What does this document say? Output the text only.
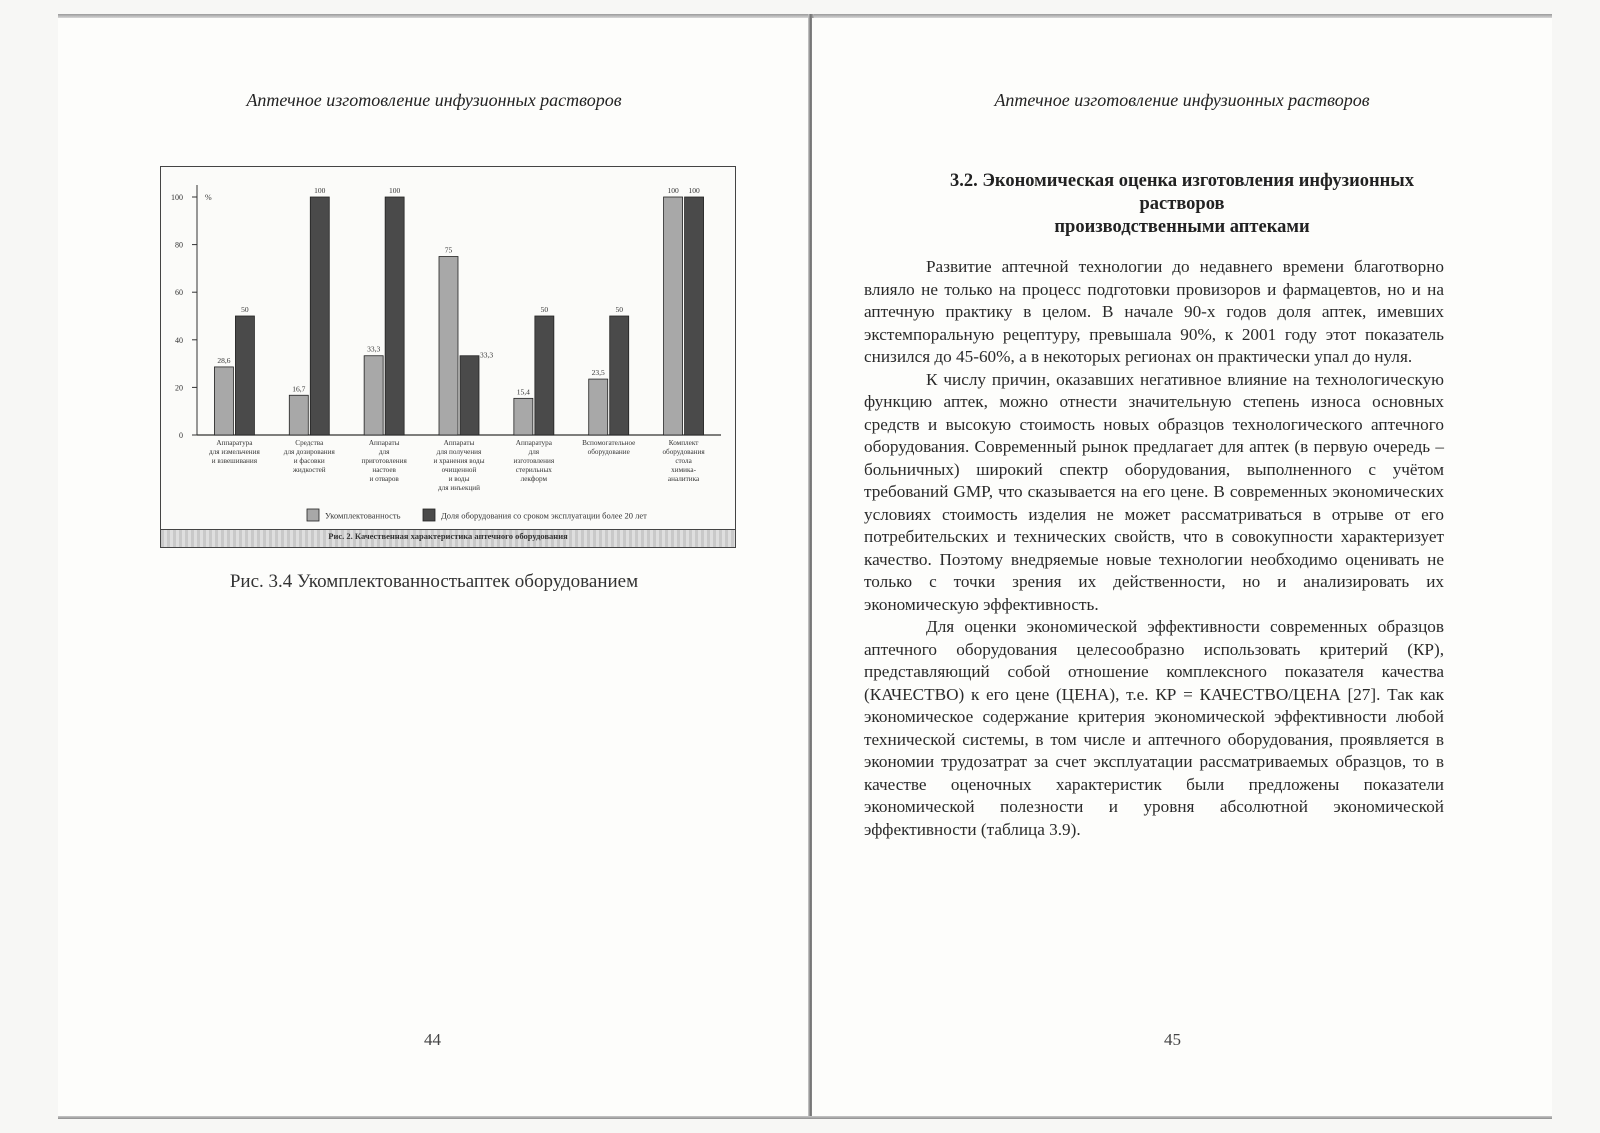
Аптечное изготовление инфузионных растворов
0
20
40
60
80
100	%
28,6
50
16,7
100
33,3
100
75
33,3
15,4
50
23,5
50
100 100
Аппаратура
для измельчения
и взвешивания
Средства
для дозирования
и фасовки
жидкостей
Аппараты
для
приготовления
настоев
и отваров
Аппараты
для получения
и хранения воды
очищенной
и воды
для инъекций
Аппаратура
для
изготовления
стерильных
лекформ
Вспомогательное
оборудование
Комплект
оборудования
стола
химика-
аналитика
Укомплектованность	Доля оборудования со сроком эксплуатации более 20 лет
Рис. 2. Качественная характеристика аптечного оборудования
Рис. 3.4 Укомплектованностьаптек оборудованием
44
Аптечное изготовление инфузионных растворов
3.2. Экономическая оценка изготовления инфузионных
растворов
производственными аптеками

Развитие аптечной технологии до недавнего времени благотворно влияло не только на процесс подготовки провизоров и фармацевтов, но и на аптечную практику в целом. В начале 90-х годов доля аптек, имевших экстемпоральную рецептуру, превышала 90%, к 2001 году этот показатель снизился до 45-60%, а в некоторых регионах он практически упал до нуля.

К числу причин, оказавших негативное влияние на технологическую функцию аптек, можно отнести значительную степень износа основных средств и высокую стоимость новых образцов технологического аптечного оборудования. Современный рынок предлагает для аптек (в первую очередь – больничных) широкий спектр оборудования, выполненного с учётом требований GMP, что сказывается на его цене. В современных экономических условиях стоимость изделия не может рассматриваться в отрыве от его потребительских и технических свойств, что в совокупности характеризует качество. Поэтому внедряемые новые технологии необходимо оценивать не только с точки зрения их действенности, но и анализировать их экономическую эффективность.

Для оценки экономической эффективности современных образцов аптечного оборудования целесообразно использовать критерий (КР), представляющий собой отношение комплексного показателя качества (КАЧЕСТВО) к его цене (ЦЕНА), т.е. КР = КАЧЕСТВО/ЦЕНА [27]. Так как экономическое содержание критерия экономической эффективности любой технической системы, в том числе и аптечного оборудования, проявляется в экономии трудозатрат за счет эксплуатации рассматриваемых образцов, то в качестве оценочных характеристик были предложены показатели экономической полезности и уровня абсолютной экономической эффективности (таблица 3.9).

45
